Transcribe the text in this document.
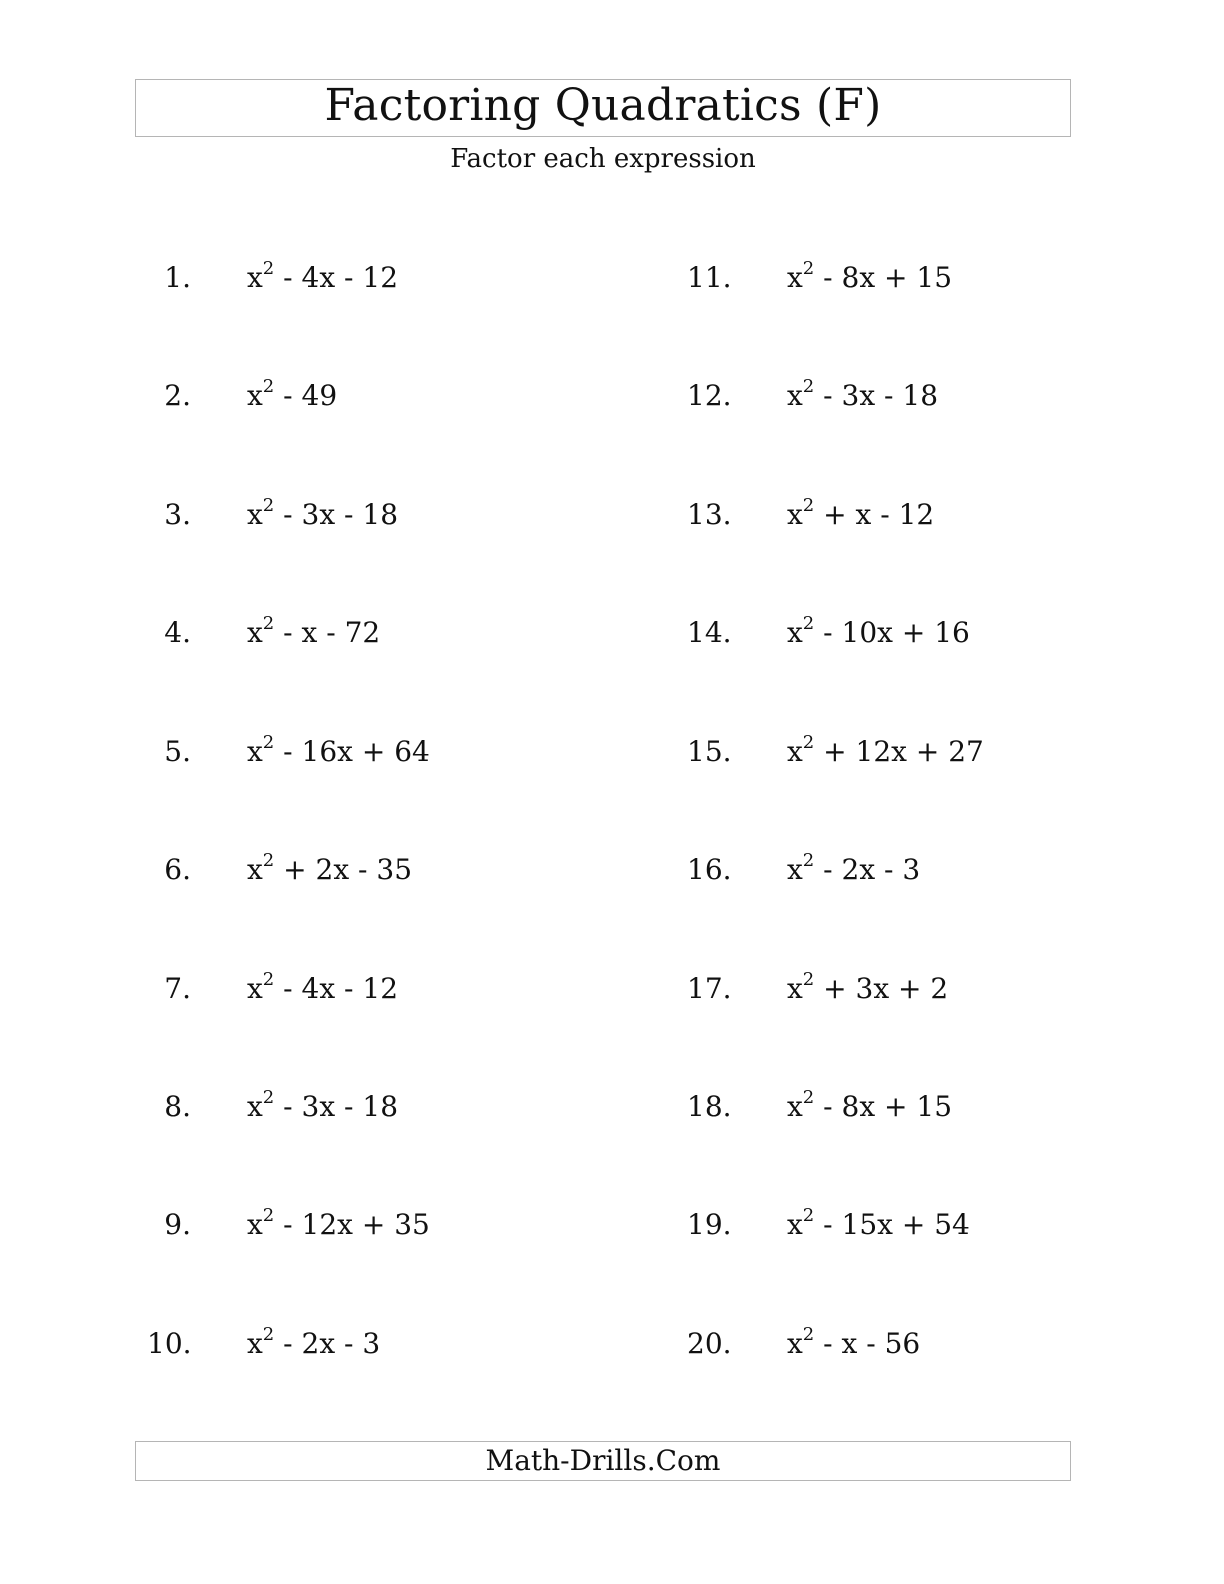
Factoring Quadratics (F)
Factor each expression
1. $x^2 - 4x - 12$
2. $x^2 - 49$
3. $x^2 - 3x - 18$
4. $x^2$ - x - 72
5. $x^2 - 16x + 64$
6. $x^2 + 2x - 35$
7. $x^2 - 4x - 12$
8. $x^2 - 3x - 18$
9. $x^2 - 12x + 35$
10. $x^2 - 2x - 3$
11. $x^2 - 8x + 15$
12. $x^2 - 3x - 18$
13. $x^2 + x - 12$
14. $x^2 - 10x + 16$
15. $x^2 + 12x + 27$
16. $x^2 - 2x - 3$
17. $x^2 + 3x + 2$
18. $x^2 - 8x + 15$
19. $x^2 - 15x + 54$
20. $x^2$ - x - 56
Math-Drills.Com
